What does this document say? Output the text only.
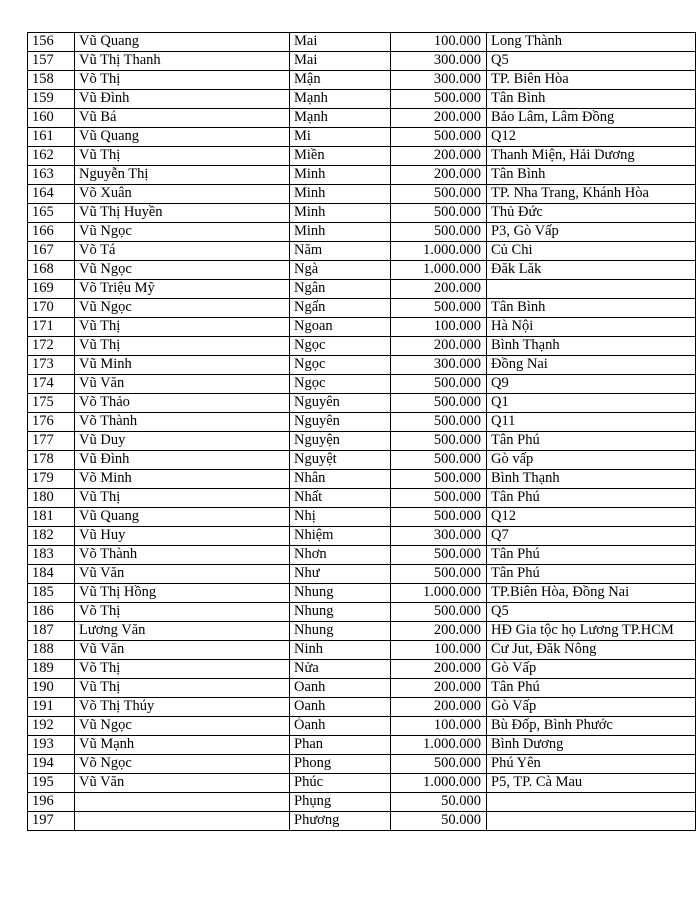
156	Vũ Quang	Mai	100.000	Long Thành
157	Vũ Thị Thanh	Mai	300.000	Q5
158	Võ Thị	Mận	300.000	TP. Biên Hòa
159	Vũ Đình	Mạnh	500.000	Tân Bình
160	Vũ Bá	Mạnh	200.000	Bảo Lâm, Lâm Đồng
161	Vũ Quang	Mi	500.000	Q12
162	Vũ Thị	Miền	200.000	Thanh Miện, Hải Dương
163	Nguyễn Thị	Minh	200.000	Tân Bình
164	Võ Xuân	Minh	500.000	TP. Nha Trang, Khánh Hòa
165	Vũ Thị Huyền	Minh	500.000	Thủ Đức
166	Vũ Ngọc	Minh	500.000	P3, Gò Vấp
167	Võ Tá	Năm	1.000.000	Củ Chi
168	Vũ Ngọc	Ngà	1.000.000	Đăk Lăk
169	Võ Triệu Mỹ	Ngân	200.000	
170	Vũ Ngọc	Ngấn	500.000	Tân Bình
171	Vũ Thị	Ngoan	100.000	Hà Nội
172	Vũ Thị	Ngọc	200.000	Bình Thạnh
173	Vũ Minh	Ngọc	300.000	Đồng Nai
174	Vũ Văn	Ngọc	500.000	Q9
175	Võ Thảo	Nguyên	500.000	Q1
176	Võ Thành	Nguyên	500.000	Q11
177	Vũ Duy	Nguyện	500.000	Tân Phú
178	Vũ Đình	Nguyệt	500.000	Gò vấp
179	Võ Minh	Nhân	500.000	Bình Thạnh
180	Vũ Thị	Nhất	500.000	Tân Phú
181	Vũ Quang	Nhị	500.000	Q12
182	Vũ Huy	Nhiệm	300.000	Q7
183	Võ Thành	Nhơn	500.000	Tân Phú
184	Vũ Văn	Như	500.000	Tân Phú
185	Vũ Thị Hồng	Nhung	1.000.000	TP.Biên Hòa, Đồng Nai
186	Võ Thị	Nhung	500.000	Q5
187	Lương Văn	Nhung	200.000	HĐ Gia tộc họ Lương TP.HCM
188	Vũ Văn	Ninh	100.000	Cư Jut, Đăk Nông
189	Võ Thị	Nửa	200.000	Gò Vấp
190	Vũ Thị	Oanh	200.000	Tân Phú
191	Võ Thị Thúy	Oanh	200.000	Gò Vấp
192	Vũ Ngọc	Óanh	100.000	Bù Đốp, Bình Phước
193	Vũ Mạnh	Phan	1.000.000	Bình Dương
194	Võ Ngọc	Phong	500.000	Phú Yên
195	Vũ Văn	Phúc	1.000.000	P5, TP. Cà Mau
196		Phụng	50.000	
197		Phương	50.000	
